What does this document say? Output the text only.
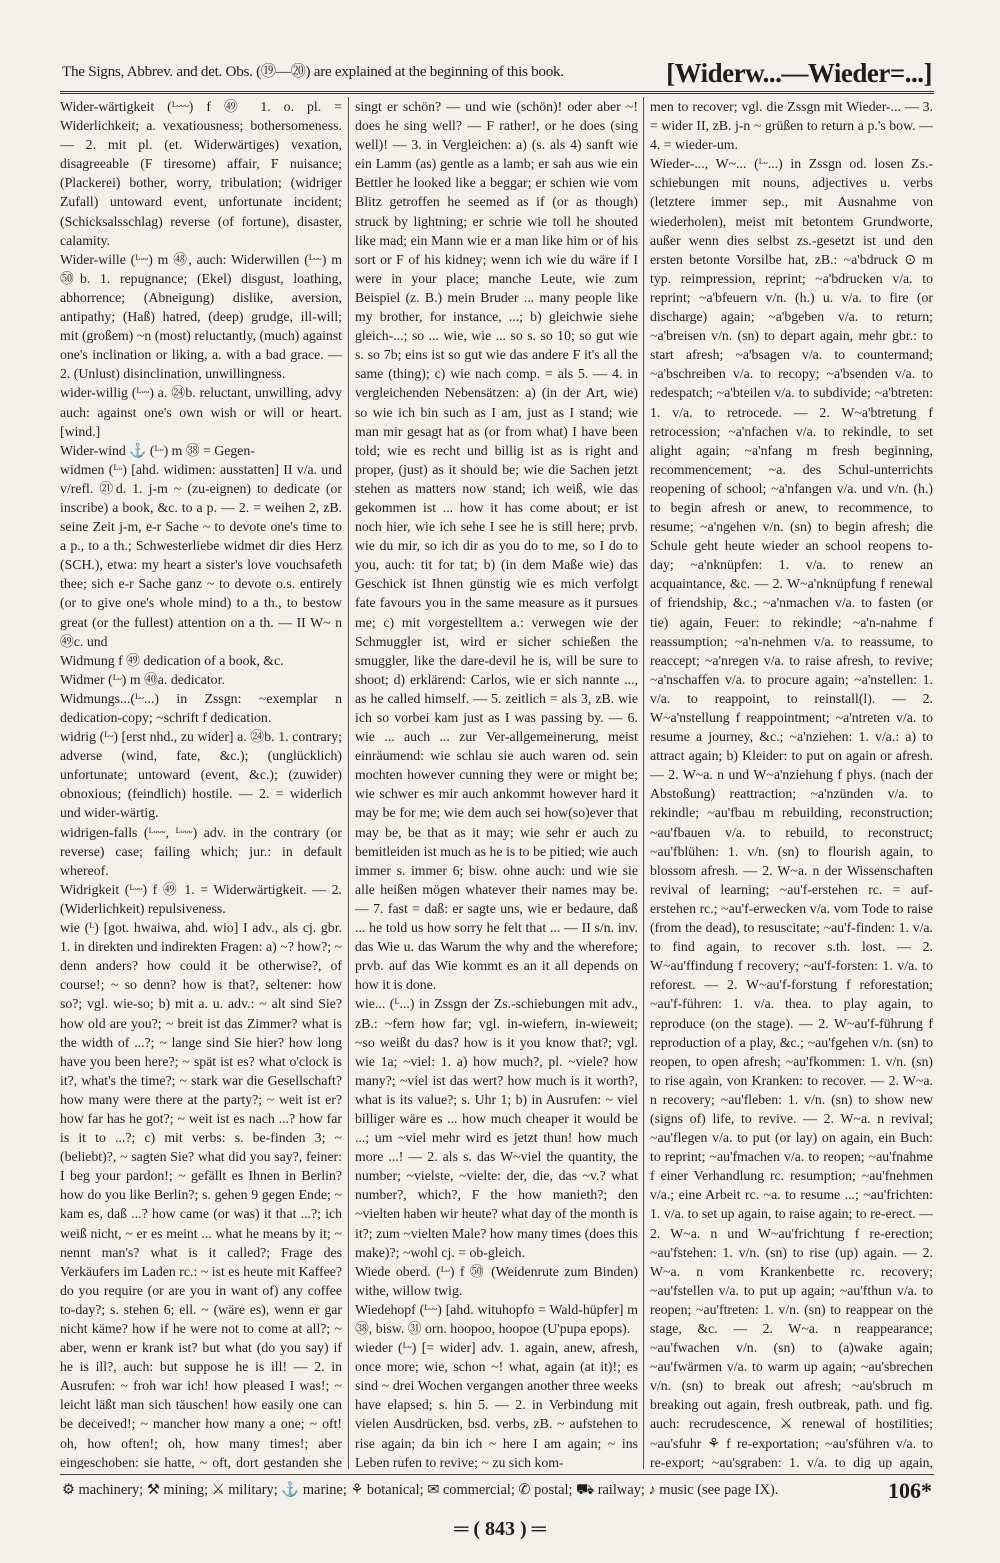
The Signs, Abbrev. and det. Obs. (⑲—⑳) are explained at the beginning of this book.	[Widerw...—Wieder=...]

Wider-wärtigkeit (ᴸᵕᵕᵕ) f ㊾ 1. o. pl. = Widerlichkeit; a. vexatiousness; bothersomeness. — 2. mit pl. (et. Widerwärtiges) vexation, disagreeable (F tiresome) affair, F nuisance; (Plackerei) bother, worry, tribulation; (widriger Zufall) untoward event, unfortunate incident; (Schicksalsschlag) reverse (of fortune), disaster, calamity.

Wider-wille (ᴸᵕᵕ) m ㊽, auch: Widerwillen (ᴸᵕᵕ) m ㊿b. 1. repugnance; (Ekel) disgust, loathing, abhorrence; (Abneigung) dislike, aversion, antipathy; (Haß) hatred, (deep) grudge, ill-will; mit (großem) ~n (most) reluctantly, (much) against one's inclination or liking, a. with a bad grace. — 2. (Unlust) disinclination, unwillingness.

wider-willig (ᴸᵕᵕ) a. ㉔b. reluctant, unwilling, advy auch: against one's own wish or will or heart. [wind.]

Wider-wind ⚓ (ᴸᵕ) m ㊳ = Gegen-

widmen (ᴸᵕ) [ahd. widimen: ausstatten] II v/a. und v/refl. ㉑d. 1. j-m ~ (zu-eignen) to dedicate (or inscribe) a book, &c. to a p. — 2. = weihen 2, zB. seine Zeit j-m, e-r Sache ~ to devote one's time to a p., to a th.; Schwesterliebe widmet dir dies Herz (SCH.), etwa: my heart a sister's love vouchsafeth thee; sich e-r Sache ganz ~ to devote o.s. entirely (or to give one's whole mind) to a th., to bestow great (or the fullest) attention on a th. — II W~ n ㊾c. und

Widmung f ㊾ dedication of a book, &c.

Widmer (ᴸᵕ) m ㊵a. dedicator.

Widmungs...(ᴸᵕ...) in Zssgn: ~exemplar n dedication-copy; ~schrift f dedication.

widrig (ᴸᵕ) [erst nhd., zu wider] a. ㉔b. 1. contrary; adverse (wind, fate, &c.); (unglücklich) unfortunate; untoward (event, &c.); (zuwider) obnoxious; (feindlich) hostile. — 2. = widerlich und wider-wärtig.

widrigen-falls (ᴸᵕᵕᵕ, ᴸᵕᵕᵕ) adv. in the contrary (or reverse) case; failing which; jur.: in default whereof.

Widrigkeit (ᴸᵕᵕ) f ㊾ 1. = Widerwärtigkeit. — 2. (Widerlichkeit) repulsiveness.

wie (ᴸ) [got. hwaiwa, ahd. wio] I adv., als cj. gbr. 1. in direkten und indirekten Fragen: a) ~? how?; ~ denn anders? how could it be otherwise?, of course!; ~ so denn? how is that?, seltener: how so?; vgl. wie-so; b) mit a. u. adv.: ~ alt sind Sie? how old are you?; ~ breit ist das Zimmer? what is the width of ...?; ~ lange sind Sie hier? how long have you been here?; ~ spät ist es? what o'clock is it?, what's the time?; ~ stark war die Gesellschaft? how many were there at the party?; ~ weit ist er? how far has he got?; ~ weit ist es nach ...? how far is it to ...?; c) mit verbs: s. be-finden 3; ~ (beliebt)?, ~ sagten Sie? what did you say?, feiner: I beg your pardon!; ~ gefällt es Ihnen in Berlin? how do you like Berlin?; s. gehen 9 gegen Ende; ~ kam es, daß ...? how came (or was) it that ...?; ich weiß nicht, ~ er es meint ... what he means by it; ~ nennt man's? what is it called?; Frage des Verkäufers im Laden rc.: ~ ist es heute mit Kaffee? do you require (or are you in want of) any coffee to-day?; s. stehen 6; ell. ~ (wäre es), wenn er gar nicht käme? how if he were not to come at all?; ~ aber, wenn er krank ist? but what (do you say) if he is ill?, auch: but suppose he is ill! — 2. in Ausrufen: ~ froh war ich! how pleased I was!; ~ leicht läßt man sich täuschen! how easily one can be deceived!; ~ mancher how many a one; ~ oft! oh, how often!; oh, how many times!; aber eingeschoben: sie hatte, ~ oft, dort gestanden she

singt er schön? — und wie (schön)! oder aber ~! does he sing well? — F rather!, or he does (sing well)! — 3. in Vergleichen: a) (s. als 4) sanft wie ein Lamm (as) gentle as a lamb; er sah aus wie ein Bettler he looked like a beggar; er schien wie vom Blitz getroffen he seemed as if (or as though) struck by lightning; er schrie wie toll he shouted like mad; ein Mann wie er a man like him or of his sort or F of his kidney; wenn ich wie du wäre if I were in your place; manche Leute, wie zum Beispiel (z. B.) mein Bruder ... many people like my brother, for instance, ...; b) gleichwie siehe gleich-...; so ... wie, wie ... so s. so 10; so gut wie s. so 7b; eins ist so gut wie das andere F it's all the same (thing); c) wie nach comp. = als 5. — 4. in vergleichenden Nebensätzen: a) (in der Art, wie) so wie ich bin such as I am, just as I stand; wie man mir gesagt hat as (or from what) I have been told; wie es recht und billig ist as is right and proper, (just) as it should be; wie die Sachen jetzt stehen as matters now stand; ich weiß, wie das gekommen ist ... how it has come about; er ist noch hier, wie ich sehe I see he is still here; prvb. wie du mir, so ich dir as you do to me, so I do to you, auch: tit for tat; b) (in dem Maße wie) das Geschick ist Ihnen günstig wie es mich verfolgt fate favours you in the same measure as it pursues me; c) mit vorgestelltem a.: verwegen wie der Schmuggler ist, wird er sicher schießen the smuggler, like the dare-devil he is, will be sure to shoot; d) erklärend: Carlos, wie er sich nannte ..., as he called himself. — 5. zeitlich = als 3, zB. wie ich so vorbei kam just as I was passing by. — 6. wie ... auch ... zur Ver-allgemeinerung, meist einräumend: wie schlau sie auch waren od. sein mochten however cunning they were or might be; wie schwer es mir auch ankommt however hard it may be for me; wie dem auch sei how(so)ever that may be, be that as it may; wie sehr er auch zu bemitleiden ist much as he is to be pitied; wie auch immer s. immer 6; bisw. ohne auch: und wie sie alle heißen mögen whatever their names may be. — 7. fast = daß: er sagte uns, wie er bedaure, daß ... he told us how sorry he felt that ... — II s/n. inv. das Wie u. das Warum the why and the wherefore; prvb. auf das Wie kommt es an it all depends on how it is done.

wie... (ᴸ...) in Zssgn der Zs.-schiebungen mit adv., zB.: ~fern how far; vgl. in-wiefern, in-wieweit; ~so weißt du das? how is it you know that?; vgl. wie 1a; ~viel: 1. a) how much?, pl. ~viele? how many?; ~viel ist das wert? how much is it worth?, what is its value?; s. Uhr 1; b) in Ausrufen: ~ viel billiger wäre es ... how much cheaper it would be ...; um ~viel mehr wird es jetzt thun! how much more ...! — 2. als s. das W~viel the quantity, the number; ~vielste, ~vielte: der, die, das ~v.? what number?, which?, F the how manieth?; den ~vielten haben wir heute? what day of the month is it?; zum ~vielten Male? how many times (does this make)?; ~wohl cj. = ob-gleich.

Wiede oberd. (ᴸᵕ) f ㊿ (Weidenrute zum Binden) withe, willow twig.

Wiedehopf (ᴸᵕᵕ) [ahd. wituhopfo = Wald-hüpfer] m ㊳, bisw. ㉛ orn. hoopoo, hoopoe (U'pupa epops).

wieder (ᴸᵕ) [= wider] adv. 1. again, anew, afresh, once more; wie, schon ~! what, again (at it)!; es sind ~ drei Wochen vergangen another three weeks have elapsed; s. hin 5. — 2. in Verbindung mit vielen Ausdrücken, bsd. verbs, zB. ~ aufstehen to rise again; da bin ich ~ here I am again; ~ ins Leben rufen to revive; ~ zu sich kom-

men to recover; vgl. die Zssgn mit Wieder-... — 3. = wider II, zB. j-n ~ grüßen to return a p.'s bow. — 4. = wieder-um.

Wieder-..., W~... (ᴸᵕ...) in Zssgn od. losen Zs.-schiebungen mit nouns, adjectives u. verbs (letztere immer sep., mit Ausnahme von wiederholen), meist mit betontem Grundworte, außer wenn dies selbst zs.-gesetzt ist und den ersten betonte Vorsilbe hat, zB.: ~a'bdruck ⊙ m typ. reimpression, reprint; ~a'bdrucken v/a. to reprint; ~a'bfeuern v/n. (h.) u. v/a. to fire (or discharge) again; ~a'bgeben v/a. to return; ~a'breisen v/n. (sn) to depart again, mehr gbr.: to start afresh; ~a'bsagen v/a. to countermand; ~a'bschreiben v/a. to recopy; ~a'bsenden v/a. to redespatch; ~a'bteilen v/a. to subdivide; ~a'btreten: 1. v/a. to retrocede. — 2. W~a'btretung f retrocession; ~a'nfachen v/a. to rekindle, to set alight again; ~a'nfang m fresh beginning, recommencement; ~a. des Schul-unterrichts reopening of school; ~a'nfangen v/a. und v/n. (h.) to begin afresh or anew, to recommence, to resume; ~a'ngehen v/n. (sn) to begin afresh; die Schule geht heute wieder an school reopens to-day; ~a'nknüpfen: 1. v/a. to renew an acquaintance, &c. — 2. W~a'nknüpfung f renewal of friendship, &c.; ~a'nmachen v/a. to fasten (or tie) again, Feuer: to rekindle; ~a'n-nahme f reassumption; ~a'n-nehmen v/a. to reassume, to reaccept; ~a'nregen v/a. to raise afresh, to revive; ~a'nschaffen v/a. to procure again; ~a'nstellen: 1. v/a. to reappoint, to reinstall(l). — 2. W~a'nstellung f reappointment; ~a'ntreten v/a. to resume a journey, &c.; ~a'nziehen: 1. v/a.: a) to attract again; b) Kleider: to put on again or afresh. — 2. W~a. n und W~a'nziehung f phys. (nach der Abstoßung) reattraction; ~a'nzünden v/a. to rekindle; ~au'fbau m rebuilding, reconstruction; ~au'fbauen v/a. to rebuild, to reconstruct; ~au'fblühen: 1. v/n. (sn) to flourish again, to blossom afresh. — 2. W~a. n der Wissenschaften revival of learning; ~au'f-erstehen rc. = auf-erstehen rc.; ~au'f-erwecken v/a. vom Tode to raise (from the dead), to resuscitate; ~au'f-finden: 1. v/a. to find again, to recover s.th. lost. — 2. W~au'ffindung f recovery; ~au'f-forsten: 1. v/a. to reforest. — 2. W~au'f-forstung f reforestation; ~au'f-führen: 1. v/a. thea. to play again, to reproduce (on the stage). — 2. W~au'f-führung f reproduction of a play, &c.; ~au'fgehen v/n. (sn) to reopen, to open afresh; ~au'fkommen: 1. v/n. (sn) to rise again, von Kranken: to recover. — 2. W~a. n recovery; ~au'fleben: 1. v/n. (sn) to show new (signs of) life, to revive. — 2. W~a. n revival; ~au'flegen v/a. to put (or lay) on again, ein Buch: to reprint; ~au'fmachen v/a. to reopen; ~au'fnahme f einer Verhandlung rc. resumption; ~au'fnehmen v/a.; eine Arbeit rc. ~a. to resume ...; ~au'frichten: 1. v/a. to set up again, to raise again; to re-erect. — 2. W~a. n und W~au'frichtung f re-erection; ~au'fstehen: 1. v/n. (sn) to rise (up) again. — 2. W~a. n vom Krankenbette rc. recovery; ~au'fstellen v/a. to put up again; ~au'fthun v/a. to reopen; ~au'ftreten: 1. v/n. (sn) to reappear on the stage, &c. — 2. W~a. n reappearance; ~au'fwachen v/n. (sn) to (a)wake again; ~au'fwärmen v/a. to warm up again; ~au'sbrechen v/n. (sn) to break out afresh; ~au'sbruch m breaking out again, fresh outbreak, path. und fig. auch: recrudescence, ⚔ renewal of hostilities; ~au'sfuhr ⚘ f re-exportation; ~au'sführen v/a. to re-export; ~au'sgraben: 1. v/a. to dig up again,

⚙ machinery; ⚒ mining; ⚔ military; ⚓ marine; ⚘ botanical; ✉ commercial; ✆ postal; ⛟ railway; ♪ music (see page IX).	106*
═ ( 843 ) ═
